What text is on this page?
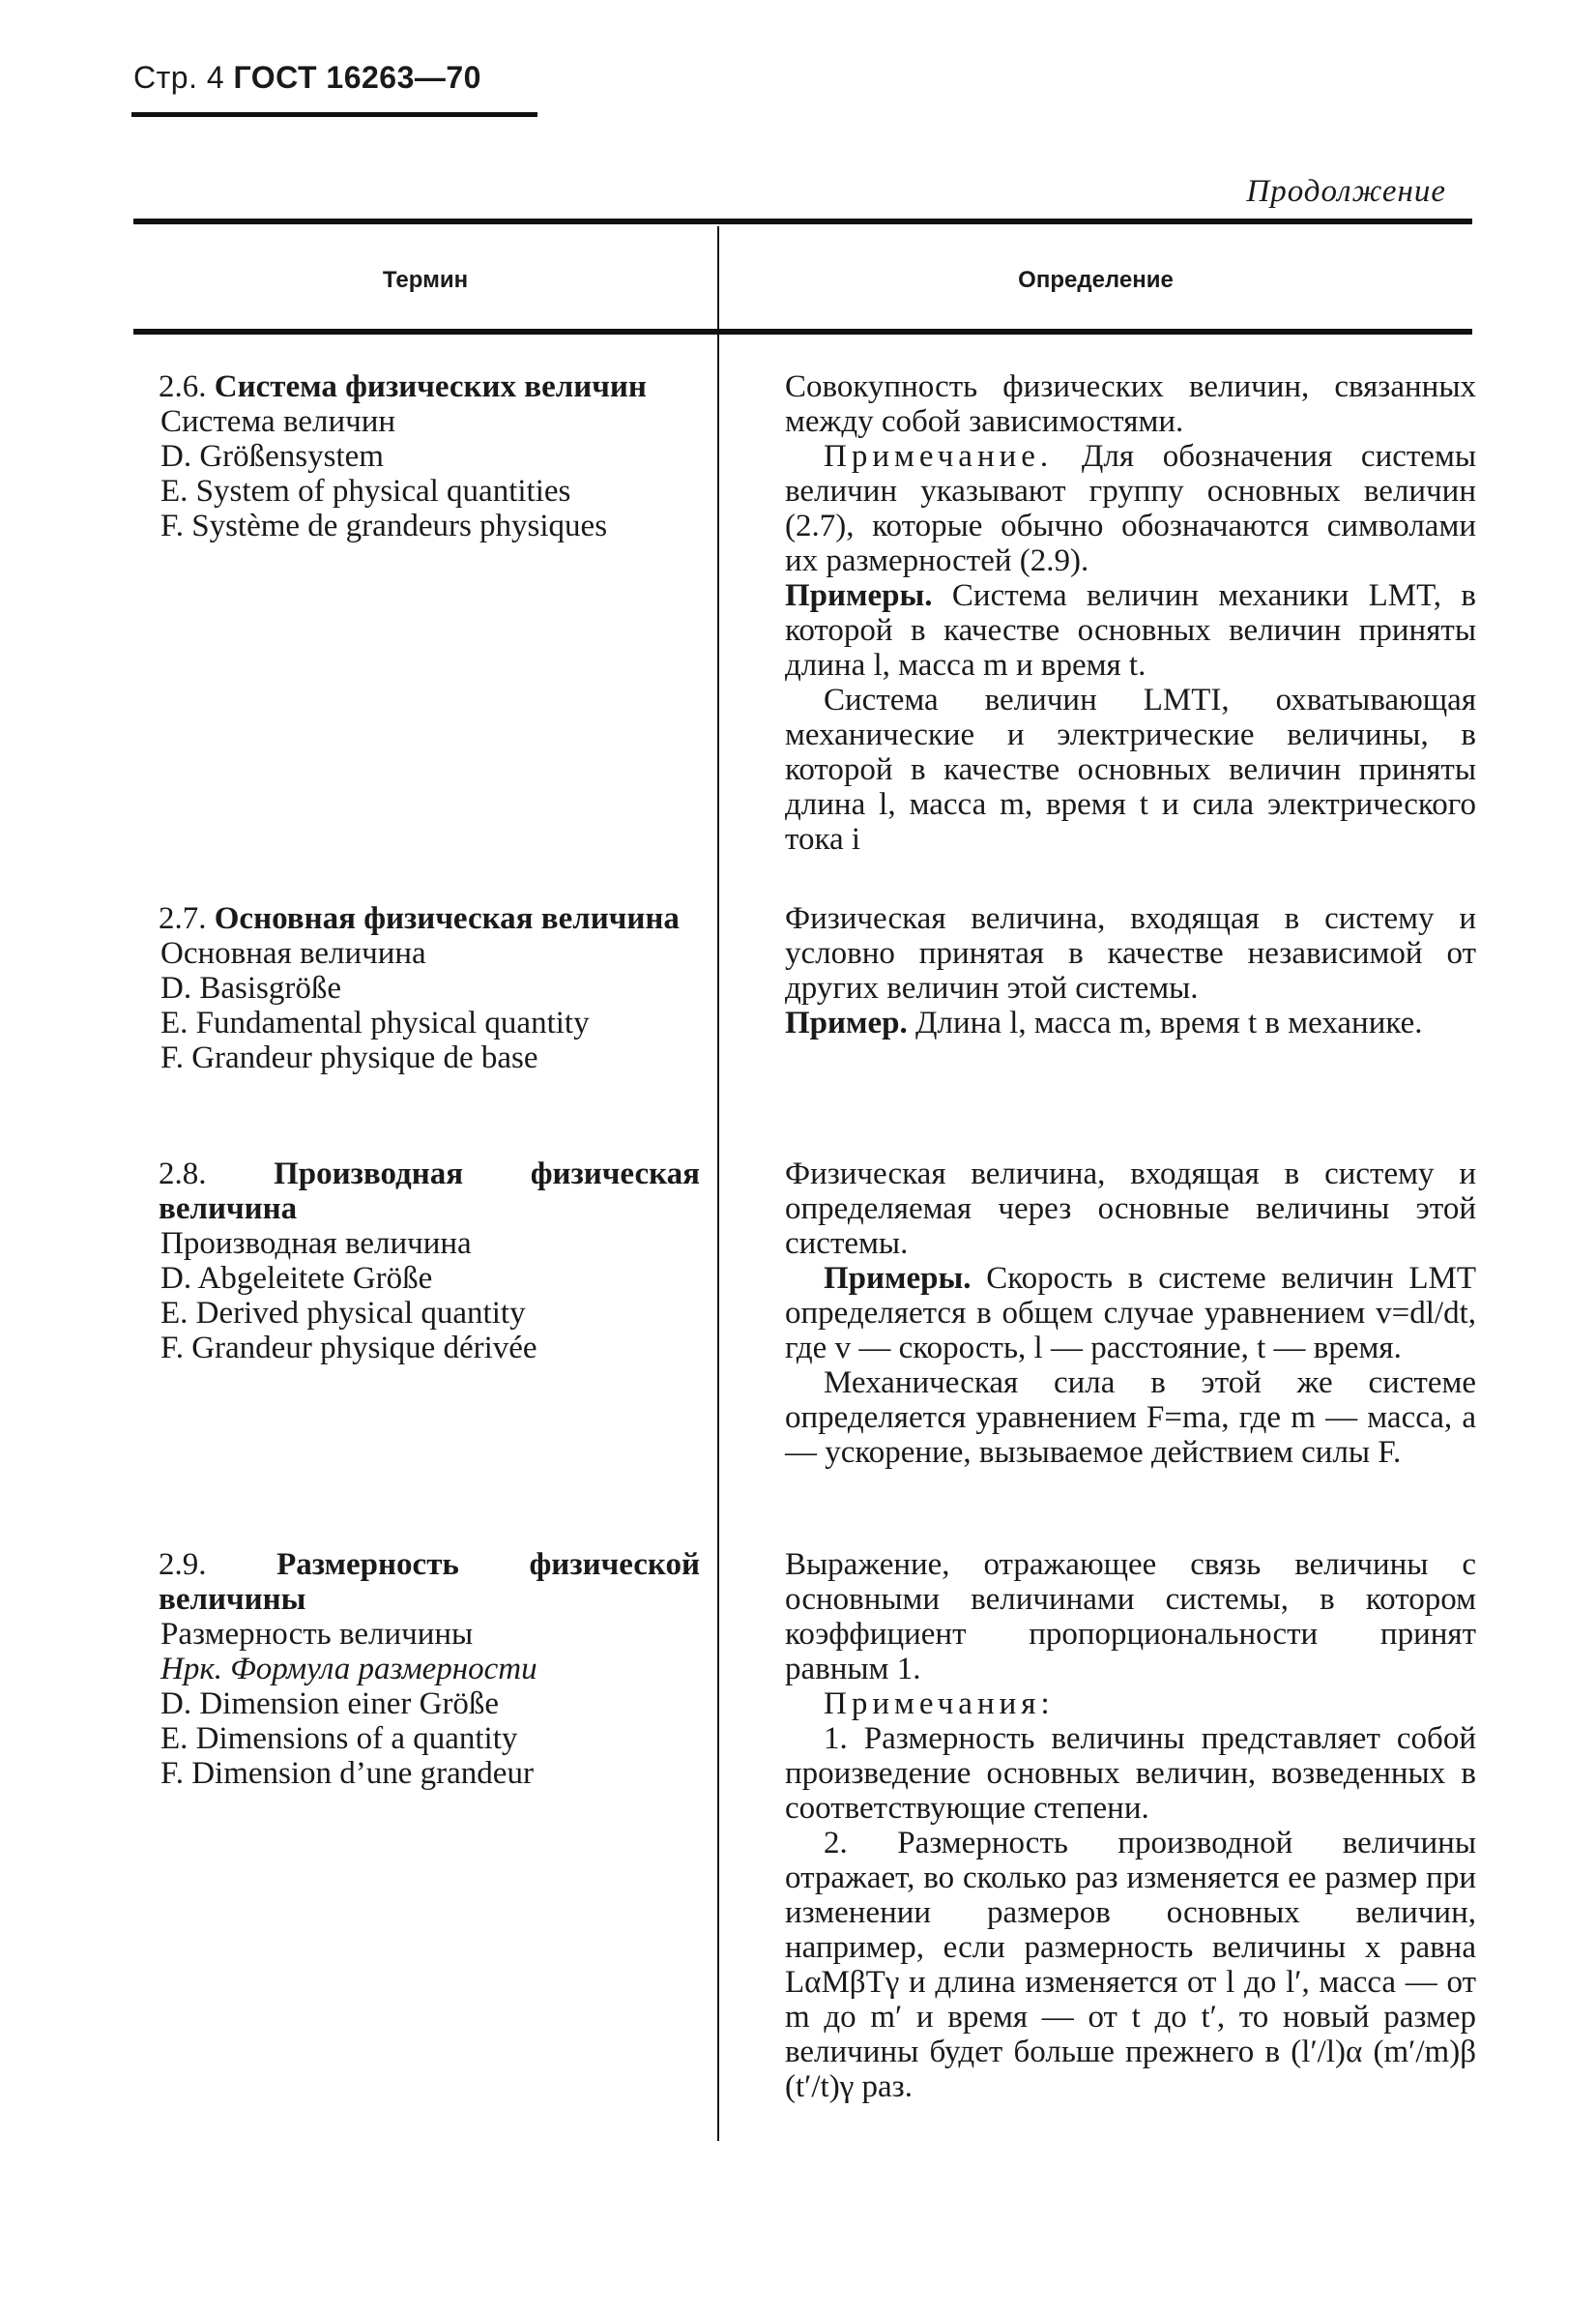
Стр. 4 ГОСТ 16263—70
Продолжение
Термин	Определение
2.6. Система физических величин
Система величин
D. Größensystem
E. System of physical quantities
F. Système de grandeurs physiques

Совокупность физических величин, связанных между собой зависимостями.

Примечание. Для обозначения системы величин указывают группу основных величин (2.7), которые обычно обозначаются символами их размерностей (2.9).

Примеры. Система величин механики LMT, в которой в качестве основных величин приняты длина l, масса m и время t.

Система величин LMTI, охватывающая механические и электрические величины, в которой в качестве основных величин приняты длина l, масса m, время t и сила электрического тока i

2.7. Основная физическая величина
Основная величина
D. Basisgröße
E. Fundamental physical quantity
F. Grandeur physique de base

Физическая величина, входящая в систему и условно принятая в качестве независимой от других величин этой системы.

Пример. Длина l, масса m, время t в механике.

2.8. Производная физическая величина
Производная величина
D. Abgeleitete Größe
E. Derived physical quantity
F. Grandeur physique dérivée

Физическая величина, входящая в систему и определяемая через основные величины этой системы.

Примеры. Скорость в системе величин LMT определяется в общем случае уравнением v=dl/dt, где v — скорость, l — расстояние, t — время.

Механическая сила в этой же системе определяется уравнением F=ma, где m — масса, a — ускорение, вызываемое действием силы F.

2.9. Размерность физической величины
Размерность величины
Нрк. Формула размерности
D. Dimension einer Größe
E. Dimensions of a quantity
F. Dimension d’une grandeur

Выражение, отражающее связь величины с основными величинами системы, в котором коэффициент пропорциональности принят равным 1.

Примечания:

1. Размерность величины представляет собой произведение основных величин, возведенных в соответствующие степени.

2. Размерность производной величины отражает, во сколько раз изменяется ее размер при изменении размеров основных величин, например, если размерность величины x равна LαMβTγ и длина изменяется от l до l′, масса — от m до m′ и время — от t до t′, то новый размер величины будет больше прежнего в (l′/l)α (m′/m)β (t′/t)γ раз.
